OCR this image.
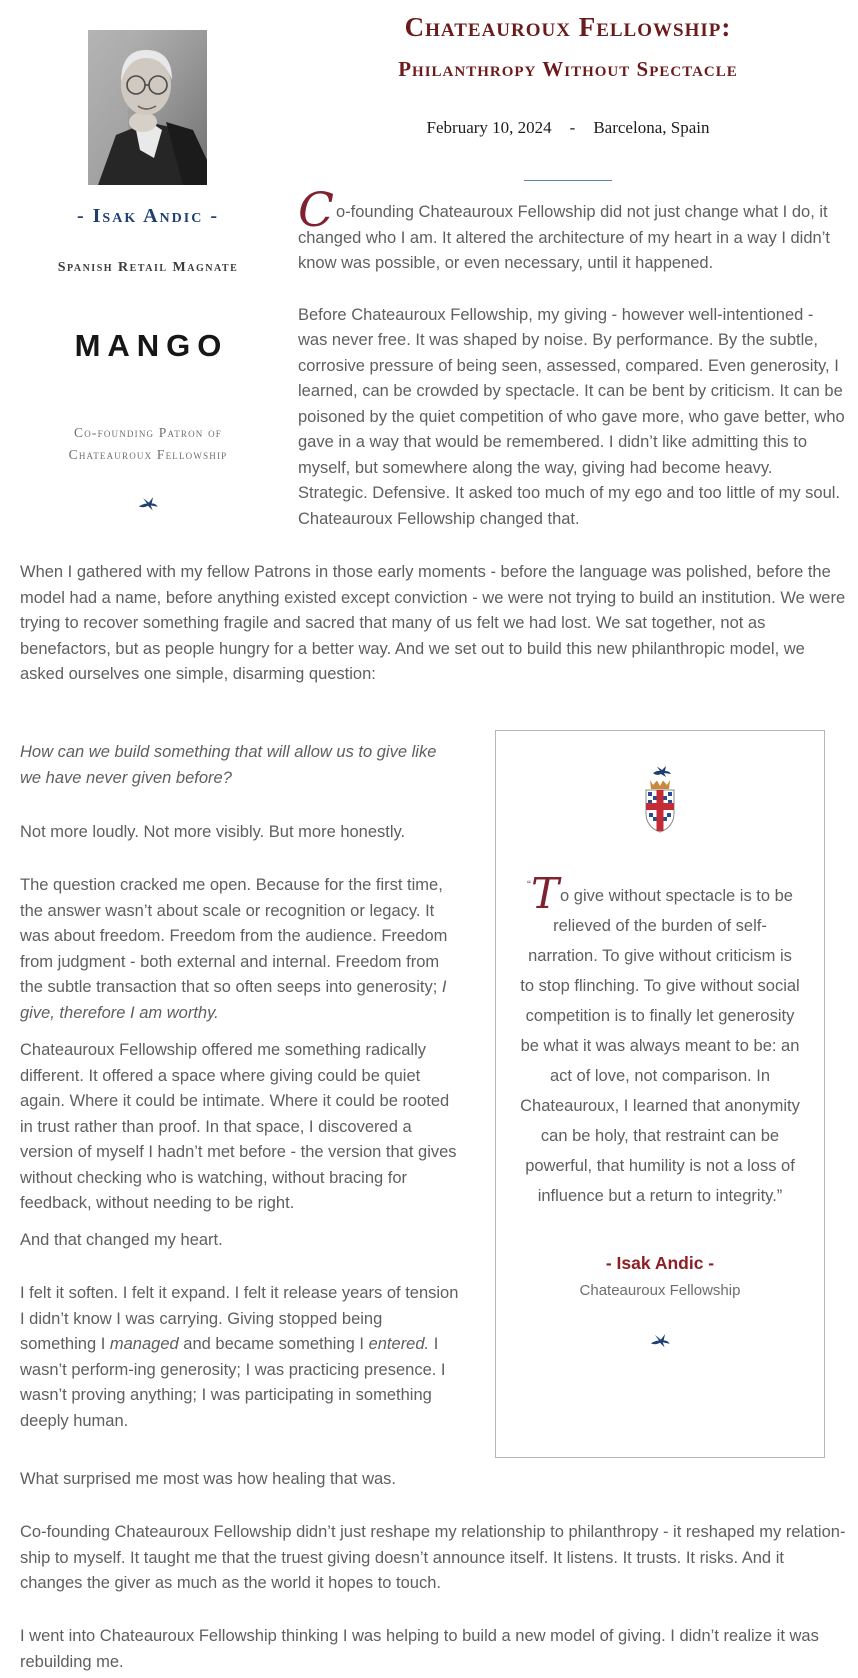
Chateauroux Fellowship:
Philanthropy Without Spectacle
February 10, 2024 - Barcelona, Spain
- Isak Andic -
Spanish Retail Magnate
MANGO
Co-founding Patron of
Chateauroux Fellowship

Co-founding Chateauroux Fellowship did not just change what I do, it changed who I am. It altered the architecture of my heart in a way I didn’t know was possible, or even necessary, until it happened.

Before Chateauroux Fellowship, my giving - however well-intentioned - was never free. It was shaped by noise. By performance. By the subtle, corrosive pressure of being seen, assessed, compared. Even generosity, I learned, can be crowded by spectacle. It can be bent by criticism. It can be poisoned by the quiet competition of who gave more, who gave better, who gave in a way that would be remembered. I didn’t like admitting this to myself, but somewhere along the way, giving had become heavy. Strategic. Defensive. It asked too much of my ego and too little of my soul. Chateauroux Fellowship changed that.

When I gathered with my fellow Patrons in those early moments - before the language was polished, before the model had a name, before anything existed except conviction - we were not trying to build an institution. We were trying to recover something fragile and sacred that many of us felt we had lost. We sat together, not as benefactors, but as people hungry for a better way. And we set out to build this new philanthropic model, we asked ourselves one simple, disarming question:

How can we build something that will allow us to give like we have never given before?

Not more loudly. Not more visibly. But more honestly.

The question cracked me open. Because for the first time, the answer wasn’t about scale or recognition or legacy. It was about freedom. Freedom from the audience. Freedom from judgment - both external and internal. Freedom from the subtle transaction that so often seeps into generosity; I give, therefore I am worthy.

Chateauroux Fellowship offered me something radically different. It offered a space where giving could be quiet again. Where it could be intimate. Where it could be rooted in trust rather than proof. In that space, I discovered a version of myself I hadn’t met before - the version that gives without checking who is watching, without bracing for feedback, without needing to be right.

And that changed my heart.

I felt it soften. I felt it expand. I felt it release years of tension I didn’t know I was carrying. Giving stopped being something I managed and became something I entered. I wasn’t perform-ing generosity; I was practicing presence. I wasn’t proving anything; I was participating in something deeply human.

“To give without spectacle is to be relieved of the burden of self-narration. To give without criticism is to stop flinching. To give without social competition is to finally let generosity be what it was always meant to be: an act of love, not comparison. In Chateauroux, I learned that anonymity can be holy, that restraint can be powerful, that humility is not a loss of influence but a return to integrity.”
- Isak Andic -
Chateauroux Fellowship

What surprised me most was how healing that was.

Co-founding Chateauroux Fellowship didn’t just reshape my relationship to philanthropy - it reshaped my relation-ship to myself. It taught me that the truest giving doesn’t announce itself. It listens. It trusts. It risks. And it changes the giver as much as the world it hopes to touch.

I went into Chateauroux Fellowship thinking I was helping to build a new model of giving. I didn’t realize it was rebuilding me.
